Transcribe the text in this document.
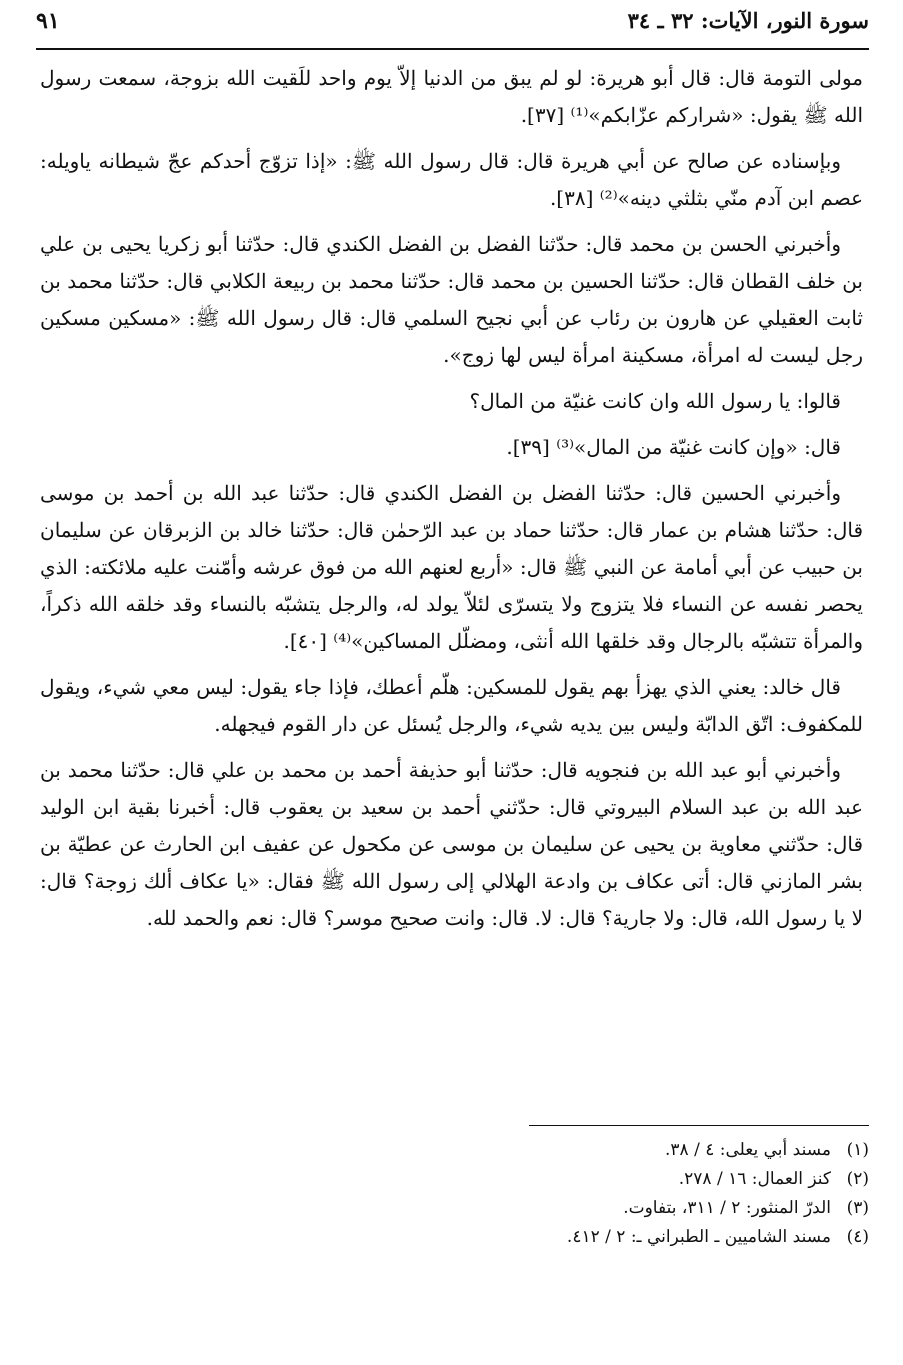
سورة النور، الآيات: ٣٢ ـ ٣٤
٩١

مولى التومة قال: قال أبو هريرة: لو لم يبق من الدنيا إلاّ يوم واحد للَقيت الله بزوجة، سمعت رسول الله ﷺ يقول: «شراركم عزّابكم»⁽¹⁾ [٣٧].

وبإسناده عن صالح عن أبي هريرة قال: قال رسول الله ﷺ: «إذا تزوّج أحدكم عجّ شيطانه ياويله: عصم ابن آدم منّي بثلثي دينه»⁽²⁾ [٣٨].

وأخبرني الحسن بن محمد قال: حدّثنا الفضل بن الفضل الكندي قال: حدّثنا أبو زكريا يحيى بن علي بن خلف القطان قال: حدّثنا الحسين بن محمد قال: حدّثنا محمد بن ربيعة الكلابي قال: حدّثنا محمد بن ثابت العقيلي عن هارون بن رئاب عن أبي نجيح السلمي قال: قال رسول الله ﷺ: «مسكين مسكين رجل ليست له امرأة، مسكينة امرأة ليس لها زوج».

قالوا: يا رسول الله وان كانت غنيّة من المال؟

قال: «وإن كانت غنيّة من المال»⁽³⁾ [٣٩].

وأخبرني الحسين قال: حدّثنا الفضل بن الفضل الكندي قال: حدّثنا عبد الله بن أحمد بن موسى قال: حدّثنا هشام بن عمار قال: حدّثنا حماد بن عبد الرّحمٰن قال: حدّثنا خالد بن الزبرقان عن سليمان بن حبيب عن أبي أمامة عن النبي ﷺ قال: «أربع لعنهم الله من فوق عرشه وأمّنت عليه ملائكته: الذي يحصر نفسه عن النساء فلا يتزوج ولا يتسرّى لئلاّ يولد له، والرجل يتشبّه بالنساء وقد خلقه الله ذكراً، والمرأة تتشبّه بالرجال وقد خلقها الله أنثى، ومضلّل المساكين»⁽⁴⁾ [٤٠].

قال خالد: يعني الذي يهزأ بهم يقول للمسكين: هلّم أعطك، فإذا جاء يقول: ليس معي شيء، ويقول للمكفوف: اتّق الدابّة وليس بين يديه شيء، والرجل يُسئل عن دار القوم فيجهله.

وأخبرني أبو عبد الله بن فنجويه قال: حدّثنا أبو حذيفة أحمد بن محمد بن علي قال: حدّثنا محمد بن عبد الله بن عبد السلام البيروتي قال: حدّثني أحمد بن سعيد بن يعقوب قال: أخبرنا بقية ابن الوليد قال: حدّثني معاوية بن يحيى عن سليمان بن موسى عن مكحول عن عفيف ابن الحارث عن عطيّة بن بشر المازني قال: أتى عكاف بن وادعة الهلالي إلى رسول الله ﷺ فقال: «يا عكاف ألك زوجة؟ قال: لا يا رسول الله، قال: ولا جارية؟ قال: لا. قال: وانت صحيح موسر؟ قال: نعم والحمد لله.

(١)مسند أبي يعلى: ٤ / ٣٨.
(٢)كنز العمال: ١٦ / ٢٧٨.
(٣)الدرّ المنثور: ٢ / ٣١١، بتفاوت.
(٤)مسند الشاميين ـ الطبراني ـ: ٢ / ٤١٢.
